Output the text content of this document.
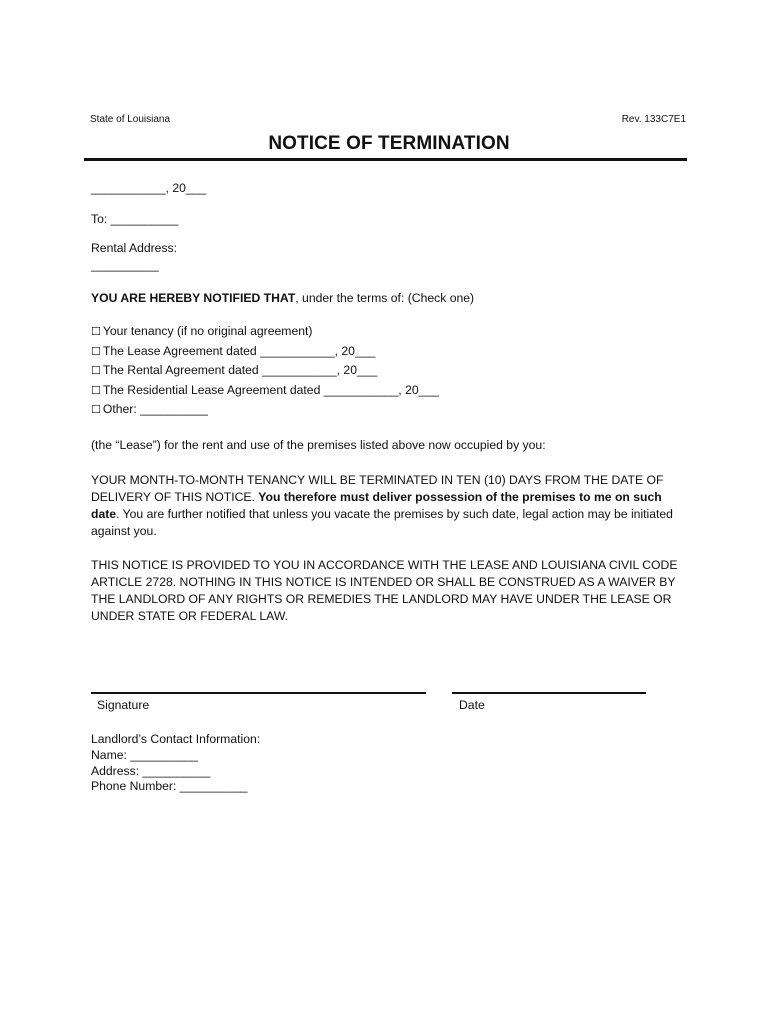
State of Louisiana	Rev. 133C7E1
NOTICE OF TERMINATION
___________, 20___
To: __________
Rental Address:
__________
YOU ARE HEREBY NOTIFIED THAT, under the terms of: (Check one)
☐ Your tenancy (if no original agreement)
☐ The Lease Agreement dated ___________, 20___
☐ The Rental Agreement dated ___________, 20___
☐ The Residential Lease Agreement dated ___________, 20___
☐ Other: __________
(the “Lease”) for the rent and use of the premises listed above now occupied by you:
YOUR MONTH-TO-MONTH TENANCY WILL BE TERMINATED IN TEN (10) DAYS FROM THE DATE OF DELIVERY OF THIS NOTICE. You therefore must deliver possession of the premises to me on such date. You are further notified that unless you vacate the premises by such date, legal action may be initiated against you.
THIS NOTICE IS PROVIDED TO YOU IN ACCORDANCE WITH THE LEASE AND LOUISIANA CIVIL CODE ARTICLE 2728. NOTHING IN THIS NOTICE IS INTENDED OR SHALL BE CONSTRUED AS A WAIVER BY THE LANDLORD OF ANY RIGHTS OR REMEDIES THE LANDLORD MAY HAVE UNDER THE LEASE OR UNDER STATE OR FEDERAL LAW.
Signature	Date
Landlord’s Contact Information:
Name: __________
Address: __________
Phone Number: __________
